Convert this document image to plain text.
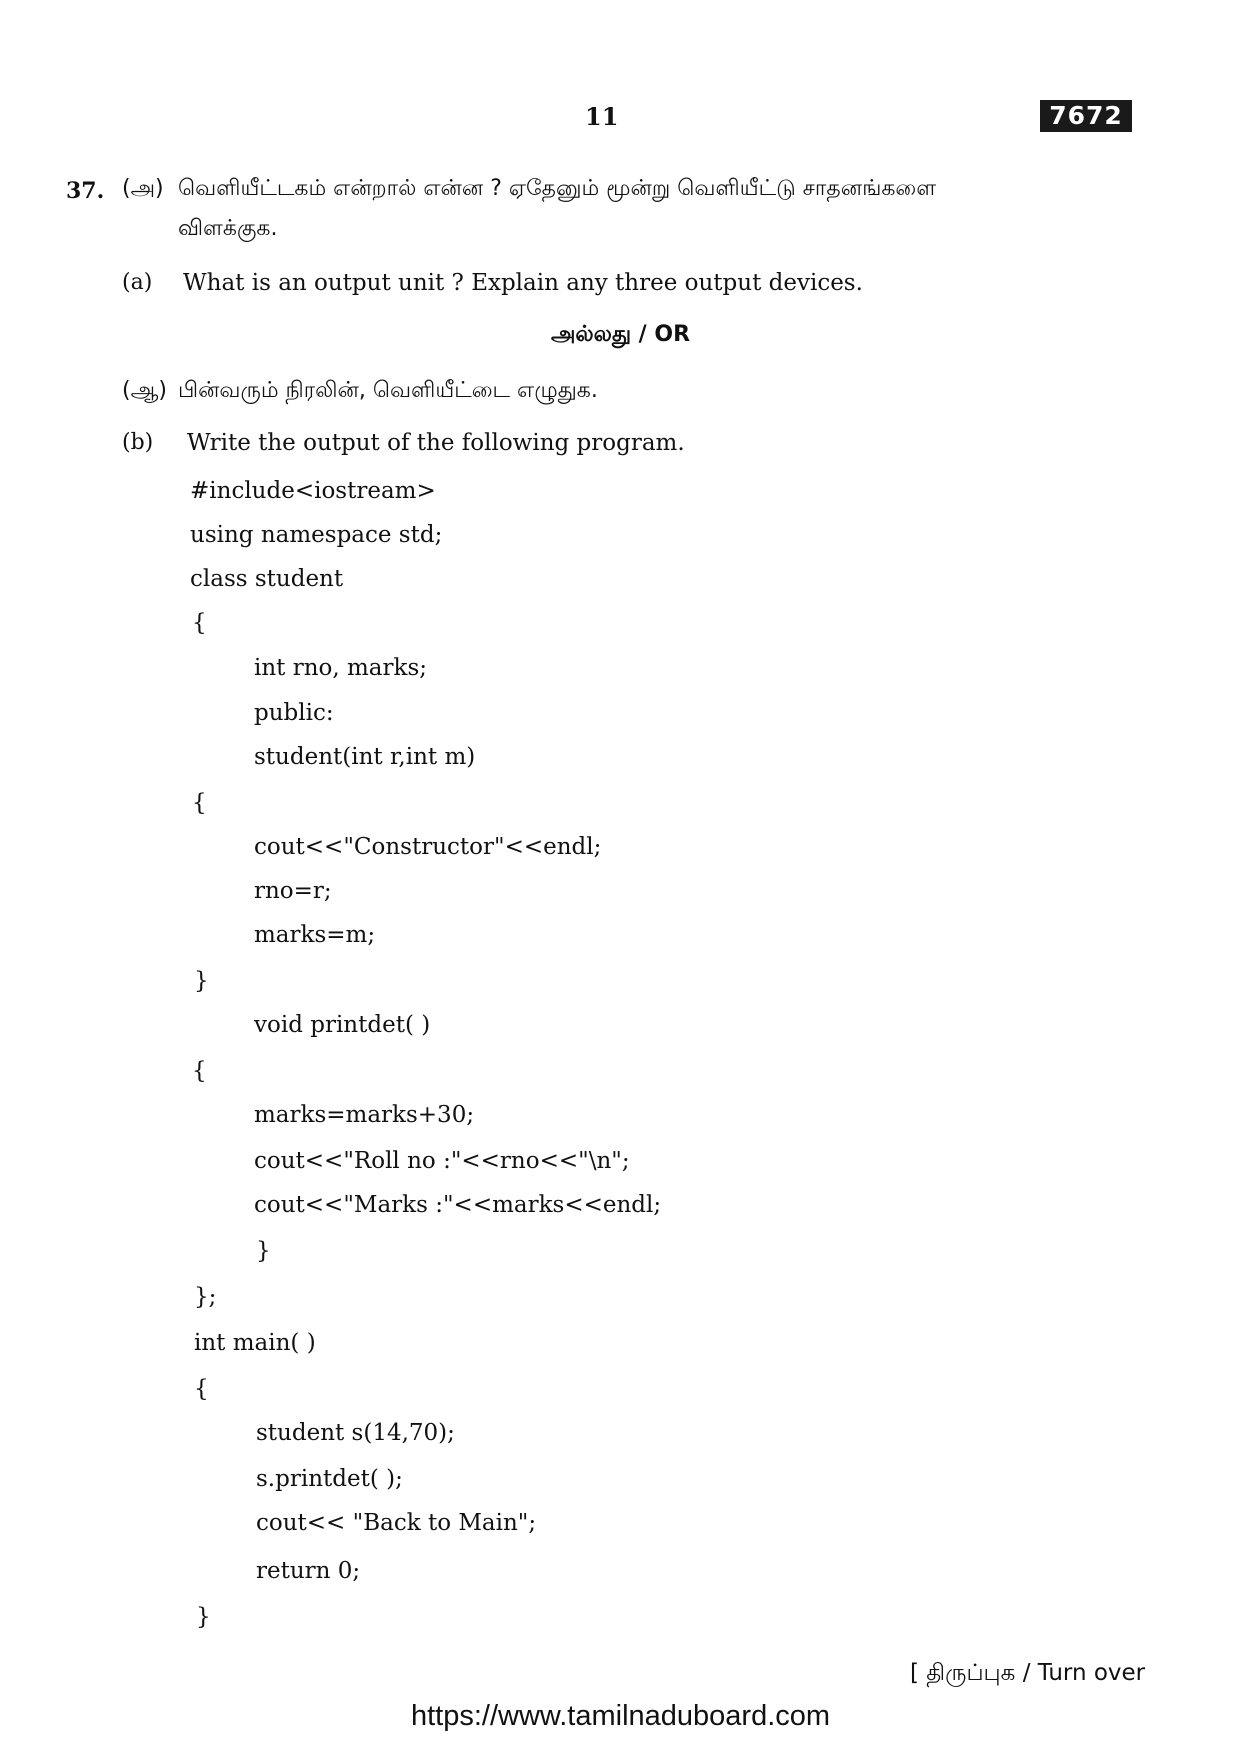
11	7672
37. (அ) வெளியீட்டகம் என்றால் என்ன ? ஏதேனும் மூன்று வெளியீட்டு சாதனங்களை
விளக்குக.
(a) What is an output unit ? Explain any three output devices.
அல்லது / OR
(ஆ) பின்வரும் நிரலின், வெளியீட்டை எழுதுக.
(b) Write the output of the following program.
#include<iostream>
using namespace std;
class student
{
int rno, marks;
public:
student(int r,int m)
{
cout<<"Constructor"<<endl;
rno=r;
marks=m;
}
void printdet( )
{
marks=marks+30;
cout<<"Roll no :"<<rno<<"\n";
cout<<"Marks :"<<marks<<endl;
}
};
int main( )
{
student s(14,70);
s.printdet( );
cout<< "Back to Main";
return 0;
}
[ திருப்புக / Turn over
https://www.tamilnaduboard.com
